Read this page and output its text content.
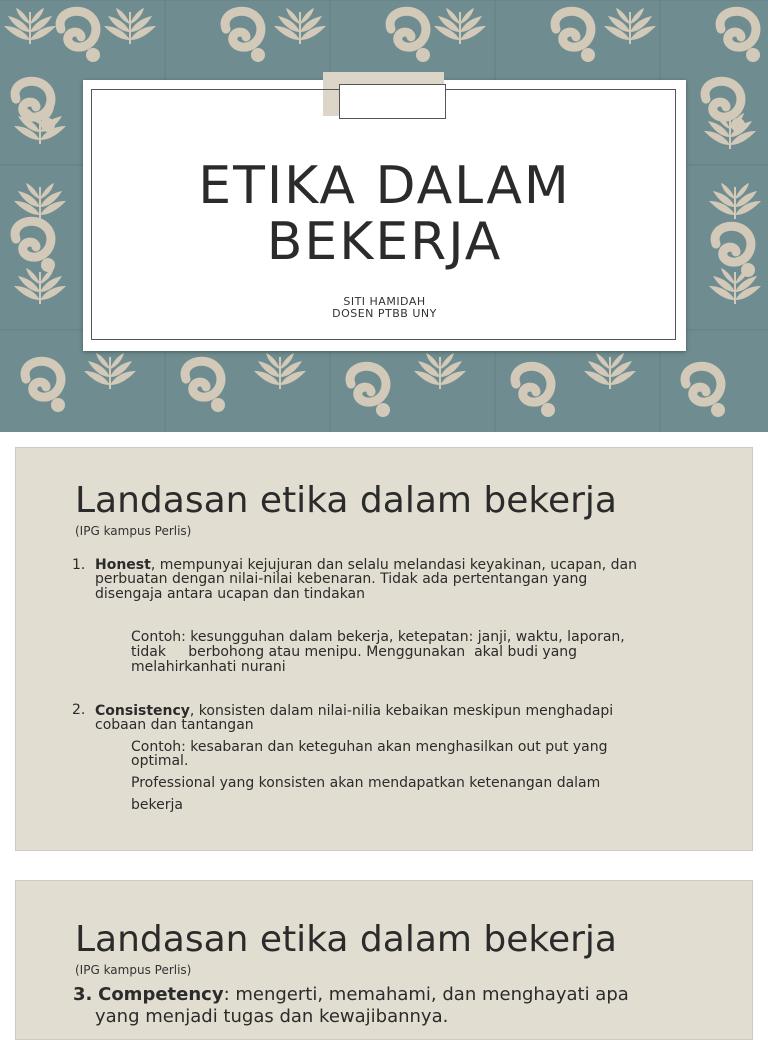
ETIKA DALAM
BEKERJA
SITI HAMIDAH
DOSEN PTBB UNY
Landasan etika dalam bekerja
(IPG kampus Perlis)
1. Honest, mempunyai kejujuran dan selalu melandasi keyakinan, ucapan, dan
perbuatan dengan nilai-nilai kebenaran. Tidak ada pertentangan yang
disengaja antara ucapan dan tindakan
Contoh: kesungguhan dalam bekerja, ketepatan: janji, waktu, laporan,
tidak     berbohong atau menipu. Menggunakan  akal budi yang
melahirkanhati nurani
2. Consistency, konsisten dalam nilai-nilia kebaikan meskipun menghadapi
cobaan dan tantangan
Contoh: kesabaran dan keteguhan akan menghasilkan out put yang
optimal.
Professional yang konsisten akan mendapatkan ketenangan dalam
bekerja
Landasan etika dalam bekerja
(IPG kampus Perlis)
3. Competency: mengerti, memahami, dan menghayati apa
yang menjadi tugas dan kewajibannya.
